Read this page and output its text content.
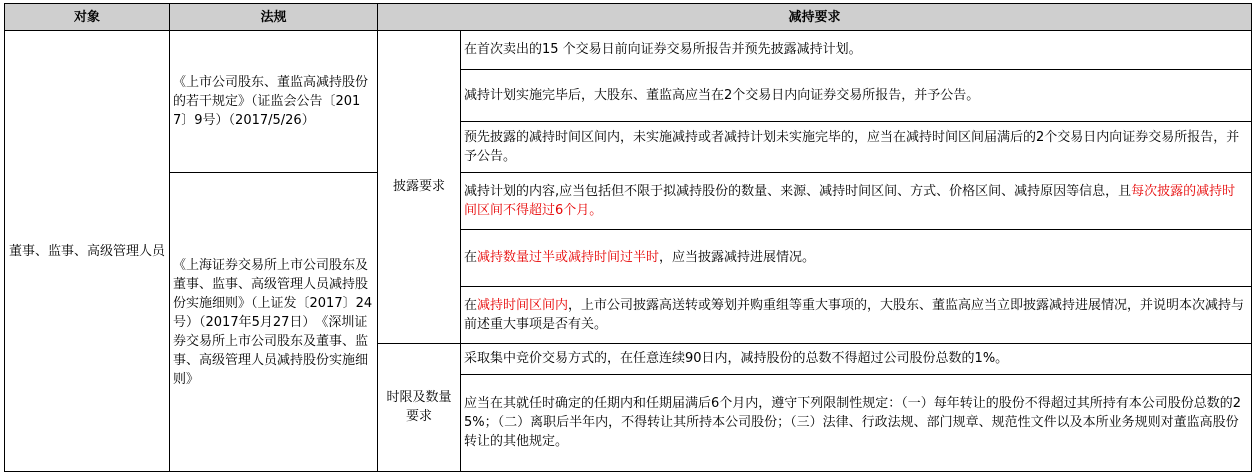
对象	法规	减持要求	
董事、监事、高级管理人员	《上市公司股东、董监高减持股份的若干规定》（证监会公告〔2017〕9号）（2017/5/26）	披露要求	在首次卖出的15 个交易日前向证券交易所报告并预先披露减持计划。
			减持计划实施完毕后，大股东、董监高应当在2个交易日内向证券交易所报告，并予公告。
			预先披露的减持时间区间内，未实施减持或者减持计划未实施完毕的，应当在减持时间区间届满后的2个交易日内向证券交易所报告，并予公告。
	《上海证券交易所上市公司股东及董事、监事、高级管理人员减持股份实施细则》（上证发〔2017〕24号）（2017年5月27日）　《深圳证券交易所上市公司股东及董事、监事、高级管理人员减持股份实施细则》		减持计划的内容,应当包括但不限于拟减持股份的数量、来源、减持时间区间、方式、价格区间、减持原因等信息，且每次披露的减持时间区间不得超过6个月。
			在减持数量过半或减持时间过半时，应当披露减持进展情况。
			在减持时间区间内，上市公司披露高送转或筹划并购重组等重大事项的，大股东、董监高应当立即披露减持进展情况，并说明本次减持与前述重大事项是否有关。
		时限及数量要求	采取集中竞价交易方式的，在任意连续90日内，减持股份的总数不得超过公司股份总数的1%。
			应当在其就任时确定的任期内和任期届满后6个月内，遵守下列限制性规定：（一）每年转让的股份不得超过其所持有本公司股份总数的25%；（二）离职后半年内，不得转让其所持本公司股份；（三）法律、行政法规、部门规章、规范性文件以及本所业务规则对董监高股份转让的其他规定。
